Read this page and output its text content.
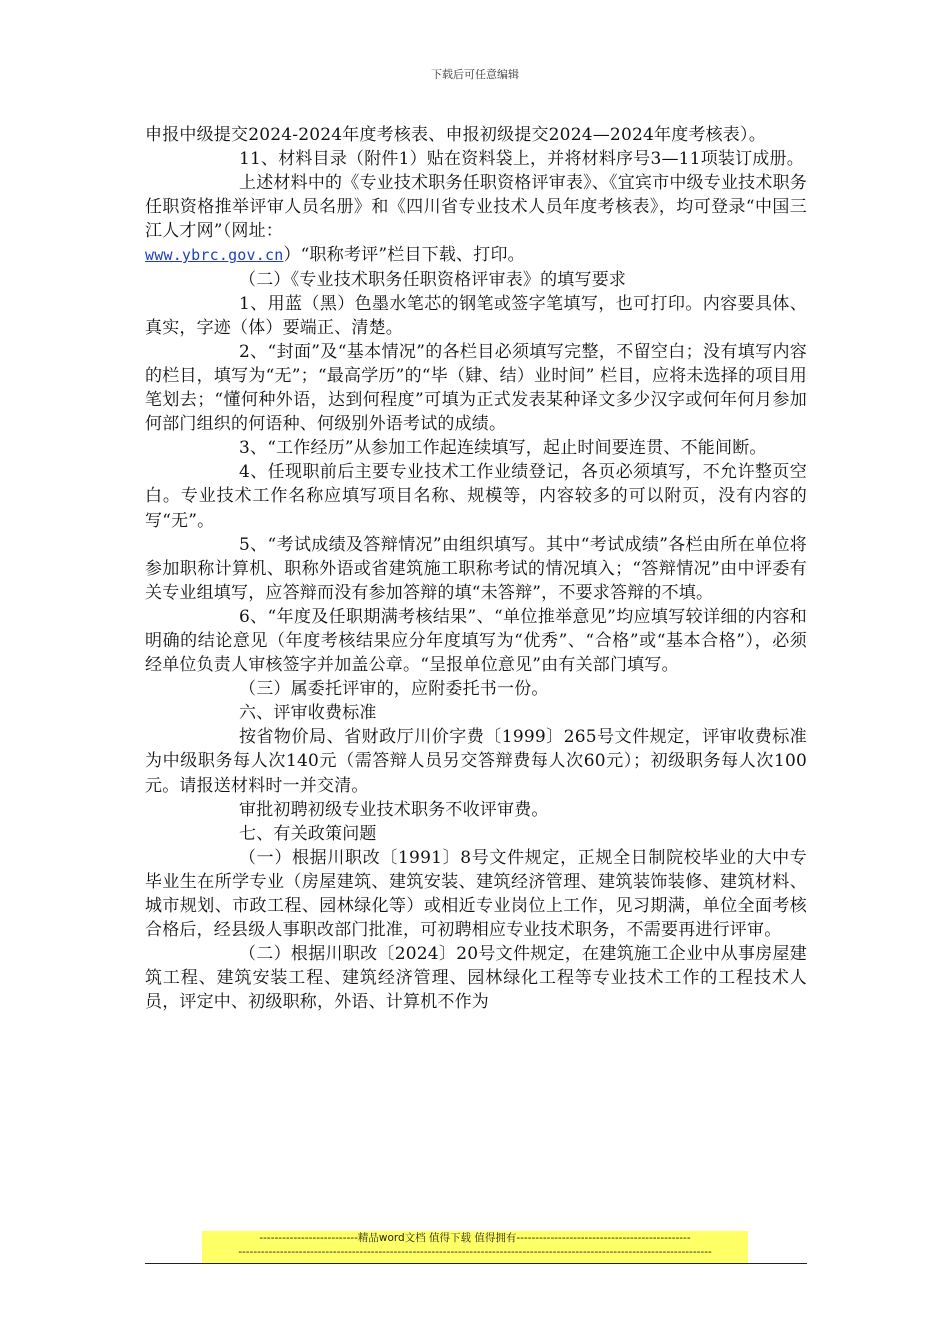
下载后可任意编辑

申报中级提交2024-2024年度考核表、申报初级提交2024—2024年度考核表）。

11、材料目录（附件1）贴在资料袋上，并将材料序号3—11项装订成册。

上述材料中的《专业技术职务任职资格评审表》、《宜宾市中级专业技术职务任职资格推举评审人员名册》和《四川省专业技术人员年度考核表》，均可登录“中国三江人才网”（网址：

www.ybrc.gov.cn）“职称考评”栏目下载、打印。

（二）《专业技术职务任职资格评审表》的填写要求

1、用蓝（黑）色墨水笔芯的钢笔或签字笔填写，也可打印。内容要具体、真实，字迹（体）要端正、清楚。

2、“封面”及“基本情况”的各栏目必须填写完整，不留空白；没有填写内容的栏目，填写为“无”；“最高学历”的“毕（肄、结）业时间” 栏目，应将未选择的项目用笔划去；“懂何种外语，达到何程度”可填为正式发表某种译文多少汉字或何年何月参加何部门组织的何语种、何级别外语考试的成绩。

3、“工作经历”从参加工作起连续填写，起止时间要连贯、不能间断。

4、任现职前后主要专业技术工作业绩登记，各页必须填写，不允许整页空白。专业技术工作名称应填写项目名称、规模等，内容较多的可以附页，没有内容的写“无”。

5、“考试成绩及答辩情况”由组织填写。其中“考试成绩”各栏由所在单位将参加职称计算机、职称外语或省建筑施工职称考试的情况填入；“答辩情况”由中评委有关专业组填写，应答辩而没有参加答辩的填“未答辩”，不要求答辩的不填。

6、“年度及任职期满考核结果”、“单位推举意见”均应填写较详细的内容和明确的结论意见（年度考核结果应分年度填写为“优秀”、“合格”或“基本合格”），必须经单位负责人审核签字并加盖公章。“呈报单位意见”由有关部门填写。

（三）属委托评审的，应附委托书一份。

六、评审收费标准

按省物价局、省财政厅川价字费〔1999〕265号文件规定，评审收费标准为中级职务每人次140元（需答辩人员另交答辩费每人次60元）；初级职务每人次100元。请报送材料时一并交清。

审批初聘初级专业技术职务不收评审费。

七、有关政策问题

（一）根据川职改〔1991〕8号文件规定，正规全日制院校毕业的大中专毕业生在所学专业（房屋建筑、建筑安装、建筑经济管理、建筑装饰装修、建筑材料、城市规划、市政工程、园林绿化等）或相近专业岗位上工作，见习期满，单位全面考核合格后，经县级人事职改部门批准，可初聘相应专业技术职务，不需要再进行评审。

（二）根据川职改〔2024〕20号文件规定，在建筑施工企业中从事房屋建筑工程、建筑安装工程、建筑经济管理、园林绿化工程等专业技术工作的工程技术人员，评定中、初级职称，外语、计算机不作为

--------------------------精品word文档 值得下载 值得拥有----------------------------------------------
-----------------------------------------------------------------------------------------------------------------------------
